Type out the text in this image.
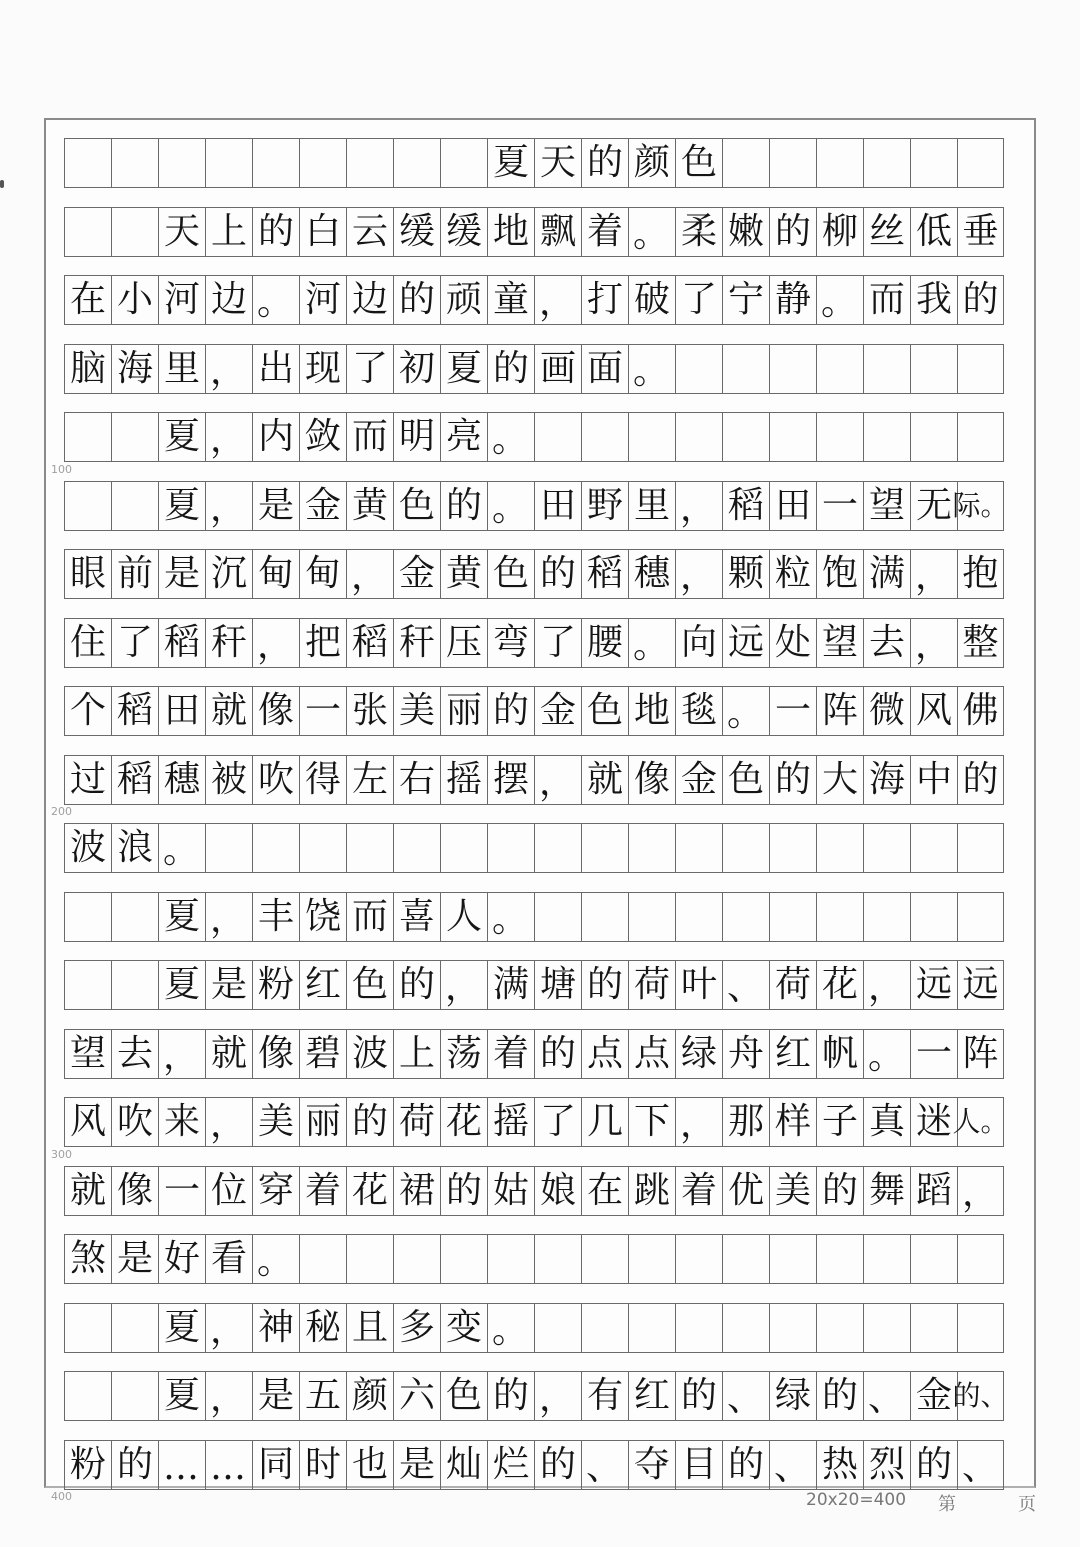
夏 天 的 颜 色
天 上 的 白 云 缓 缓 地 飘 着 。 柔 嫩 的 柳 丝 低 垂
在 小 河 边 。 河 边 的 顽 童 ， 打 破 了 宁 静 。 而 我 的
脑 海 里 ， 出 现 了 初 夏 的 画 面 。
夏 ， 内 敛 而 明 亮 。
夏 ， 是 金 黄 色 的 。 田 野 里 ， 稻 田 一 望 无 际。
眼 前 是 沉 甸 甸 ， 金 黄 色 的 稻 穗 ， 颗 粒 饱 满 ， 抱
住 了 稻 秆 ， 把 稻 秆 压 弯 了 腰 。 向 远 处 望 去 ， 整
个 稻 田 就 像 一 张 美 丽 的 金 色 地 毯 。 一 阵 微 风 佛
过 稻 穗 被 吹 得 左 右 摇 摆 ， 就 像 金 色 的 大 海 中 的
波 浪 。
夏 ， 丰 饶 而 喜 人 。
夏 是 粉 红 色 的 ， 满 塘 的 荷 叶 、 荷 花 ， 远 远
望 去 ， 就 像 碧 波 上 荡 着 的 点 点 绿 舟 红 帆 。 一 阵
风 吹 来 ， 美 丽 的 荷 花 摇 了 几 下 ， 那 样 子 真 迷 人。
就 像 一 位 穿 着 花 裙 的 姑 娘 在 跳 着 优 美 的 舞 蹈 ，
煞 是 好 看 。
夏 ， 神 秘 且 多 变 。
夏 ， 是 五 颜 六 色 的 ， 有 红 的 、 绿 的 、 金 的、
粉 的 … … 同 时 也 是 灿 烂 的 、 夺 目 的 、 热 烈 的 、
100
200
300
400	20x20=400 第	页
